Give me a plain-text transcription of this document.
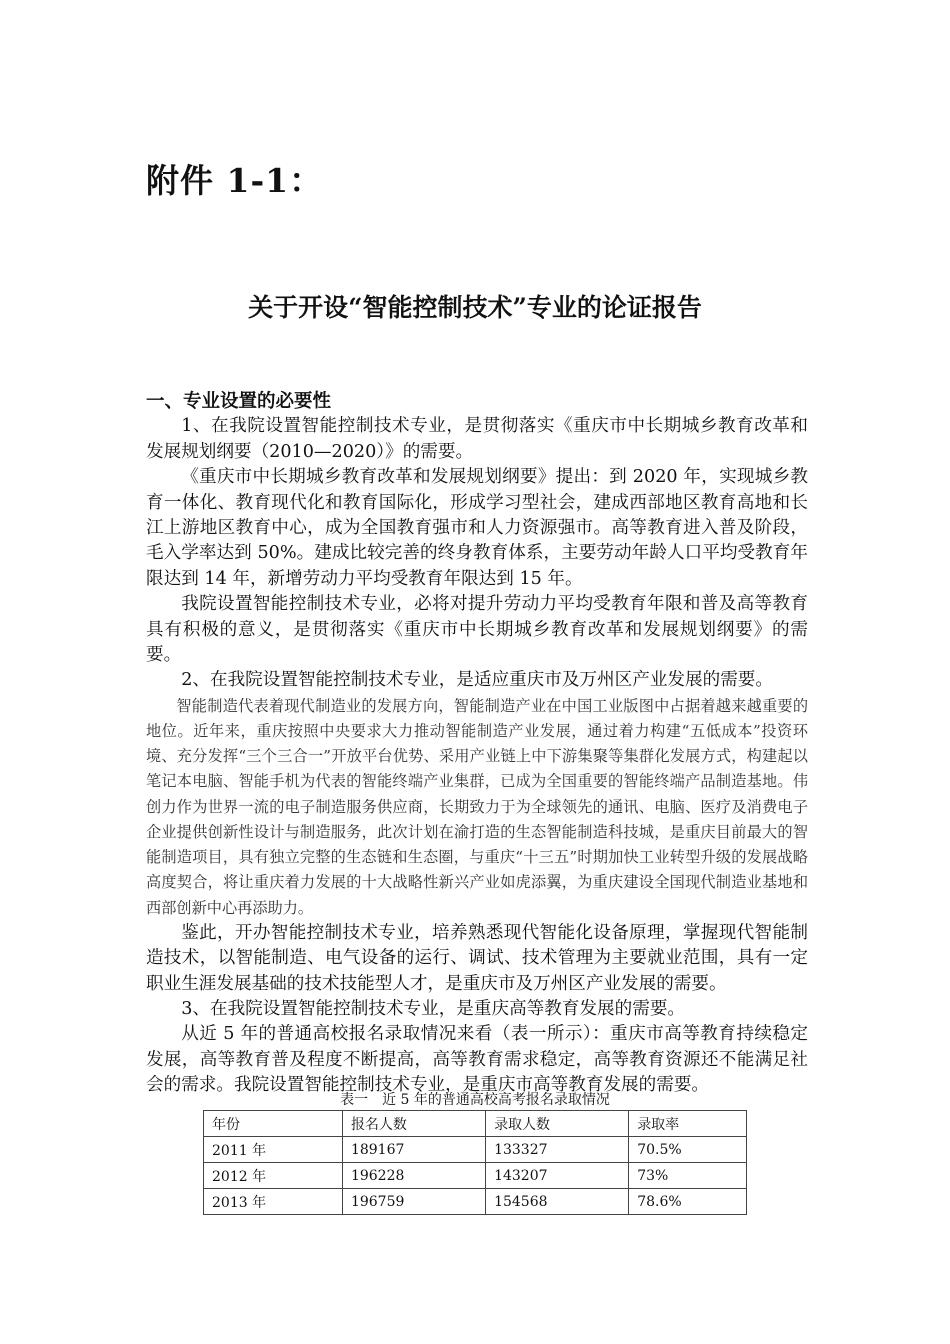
附件 1-1：
关于开设“智能控制技术”专业的论证报告

一、专业设置的必要性

1、在我院设置智能控制技术专业，是贯彻落实《重庆市中长期城乡教育改革和发展规划纲要（2010—2020）》的需要。

《重庆市中长期城乡教育改革和发展规划纲要》提出：到 2020 年，实现城乡教育一体化、教育现代化和教育国际化，形成学习型社会，建成西部地区教育高地和长江上游地区教育中心，成为全国教育强市和人力资源强市。高等教育进入普及阶段，毛入学率达到 50%。建成比较完善的终身教育体系，主要劳动年龄人口平均受教育年限达到 14 年，新增劳动力平均受教育年限达到 15 年。

我院设置智能控制技术专业，必将对提升劳动力平均受教育年限和普及高等教育具有积极的意义，是贯彻落实《重庆市中长期城乡教育改革和发展规划纲要》的需要。

2、在我院设置智能控制技术专业，是适应重庆市及万州区产业发展的需要。

智能制造代表着现代制造业的发展方向，智能制造产业在中国工业版图中占据着越来越重要的地位。近年来，重庆按照中央要求大力推动智能制造产业发展，通过着力构建“五低成本”投资环境、充分发挥“三个三合一”开放平台优势、采用产业链上中下游集聚等集群化发展方式，构建起以笔记本电脑、智能手机为代表的智能终端产业集群，已成为全国重要的智能终端产品制造基地。伟创力作为世界一流的电子制造服务供应商，长期致力于为全球领先的通讯、电脑、医疗及消费电子企业提供创新性设计与制造服务，此次计划在渝打造的生态智能制造科技城，是重庆目前最大的智能制造项目，具有独立完整的生态链和生态圈，与重庆“十三五”时期加快工业转型升级的发展战略高度契合，将让重庆着力发展的十大战略性新兴产业如虎添翼，为重庆建设全国现代制造业基地和西部创新中心再添助力。

鉴此，开办智能控制技术专业，培养熟悉现代智能化设备原理，掌握现代智能制造技术，以智能制造、电气设备的运行、调试、技术管理为主要就业范围，具有一定职业生涯发展基础的技术技能型人才，是重庆市及万州区产业发展的需要。

3、在我院设置智能控制技术专业，是重庆高等教育发展的需要。

从近 5 年的普通高校报名录取情况来看（表一所示）：重庆市高等教育持续稳定发展，高等教育普及程度不断提高，高等教育需求稳定，高等教育资源还不能满足社会的需求。我院设置智能控制技术专业，是重庆市高等教育发展的需要。

表一　近 5 年的普通高校高考报名录取情况
年份	报名人数	录取人数	录取率
2011 年	189167	133327	70.5%
2012 年	196228	143207	73%
2013 年	196759	154568	78.6%
